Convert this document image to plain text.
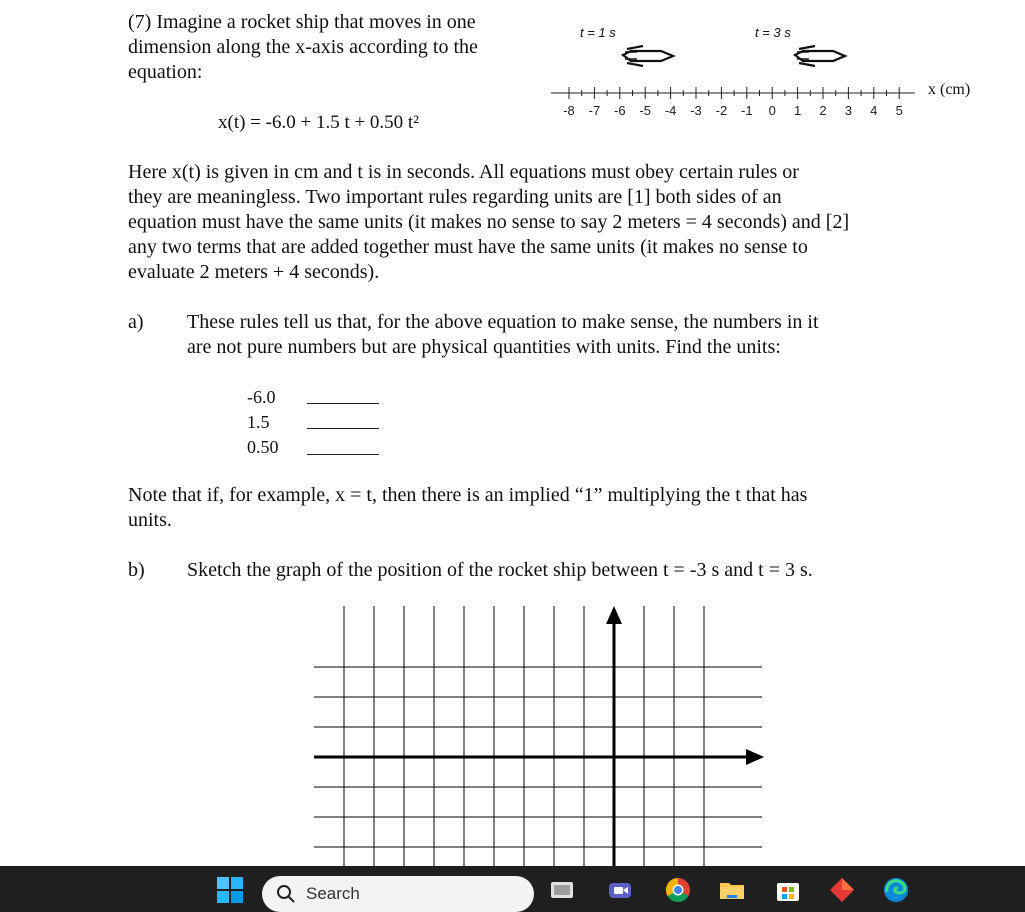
(7) Imagine a rocket ship that moves in one
dimension along the x-axis according to the
equation:
x(t) = -6.0 + 1.5 t + 0.50 t²
-8 -7 -6 -5 -4 -3 -2 -1 0 1 2 3 4 5
t = 1 s	t = 3 s
x (cm)
Here x(t) is given in cm and t is in seconds. All equations must obey certain rules or
they are meaningless. Two important rules regarding units are [1] both sides of an
equation must have the same units (it makes no sense to say 2 meters = 4 seconds) and [2]
any two terms that are added together must have the same units (it makes no sense to
evaluate 2 meters + 4 seconds).
a) These rules tell us that, for the above equation to make sense, the numbers in it
are not pure numbers but are physical quantities with units. Find the units:
-6.0
1.5
0.50
Note that if, for example, x = t, then there is an implied “1” multiplying the t that has
units.
b) Sketch the graph of the position of the rocket ship between t = -3 s and t = 3 s.
Search
